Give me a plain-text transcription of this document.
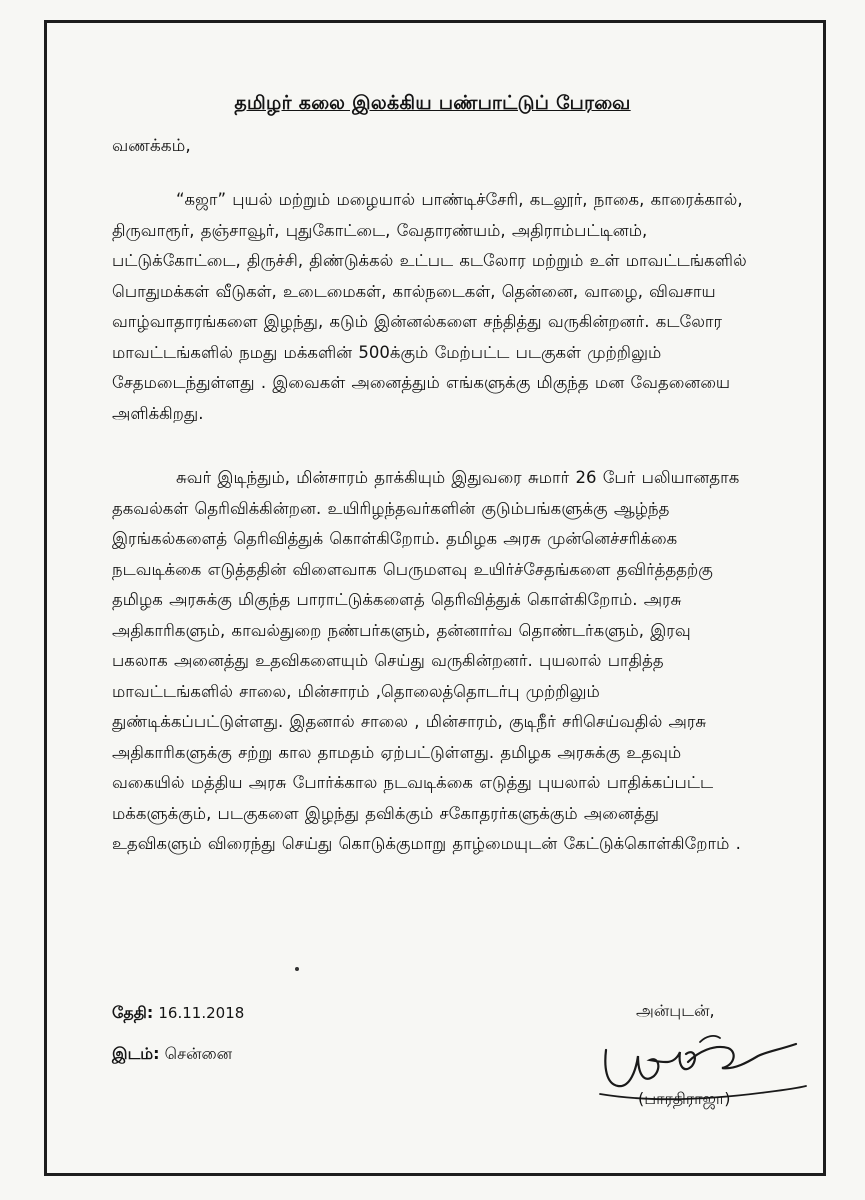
தமிழர் கலை இலக்கிய பண்பாட்டுப் பேரவை
வணக்கம்,
“கஜா” புயல் மற்றும் மழையால் பாண்டிச்சேரி, கடலூர், நாகை, காரைக்கால், திருவாரூர், தஞ்சாவூர், புதுகோட்டை, வேதாரண்யம், அதிராம்பட்டினம், பட்டுக்கோட்டை, திருச்சி, திண்டுக்கல் உட்பட கடலோர மற்றும் உள் மாவட்டங்களில் பொதுமக்கள் வீடுகள், உடைமைகள், கால்நடைகள், தென்னை, வாழை, விவசாய வாழ்வாதாரங்களை இழந்து, கடும் இன்னல்களை சந்தித்து வருகின்றனர். கடலோர மாவட்டங்களில் நமது மக்களின் 500க்கும் மேற்பட்ட படகுகள் முற்றிலும் சேதமடைந்துள்ளது . இவைகள் அனைத்தும் எங்களுக்கு மிகுந்த மன வேதனையை அளிக்கிறது.
சுவர் இடிந்தும், மின்சாரம் தாக்கியும் இதுவரை சுமார் 26 பேர் பலியானதாக தகவல்கள் தெரிவிக்கின்றன. உயிரிழந்தவர்களின் குடும்பங்களுக்கு ஆழ்ந்த இரங்கல்களைத் தெரிவித்துக் கொள்கிறோம். தமிழக அரசு முன்னெச்சரிக்கை நடவடிக்கை எடுத்ததின் விளைவாக பெருமளவு உயிர்ச்சேதங்களை தவிர்த்ததற்கு தமிழக அரசுக்கு மிகுந்த பாராட்டுக்களைத் தெரிவித்துக் கொள்கிறோம். அரசு அதிகாரிகளும், காவல்துறை நண்பர்களும், தன்னார்வ தொண்டர்களும், இரவு பகலாக அனைத்து உதவிகளையும் செய்து வருகின்றனர். புயலால் பாதித்த மாவட்டங்களில் சாலை, மின்சாரம் ,தொலைத்தொடர்பு முற்றிலும் துண்டிக்கப்பட்டுள்ளது. இதனால் சாலை , மின்சாரம், குடிநீர் சரிசெய்வதில் அரசு அதிகாரிகளுக்கு சற்று கால தாமதம் ஏற்பட்டுள்ளது. தமிழக அரசுக்கு உதவும் வகையில் மத்திய அரசு போர்க்கால நடவடிக்கை எடுத்து புயலால் பாதிக்கப்பட்ட மக்களுக்கும், படகுகளை இழந்து தவிக்கும் சகோதரர்களுக்கும் அனைத்து உதவிகளும் விரைந்து செய்து கொடுக்குமாறு தாழ்மையுடன் கேட்டுக்கொள்கிறோம் .
தேதி: 16.11.2018
இடம்: சென்னை
அன்புடன்,
(பாரதிராஜா)
